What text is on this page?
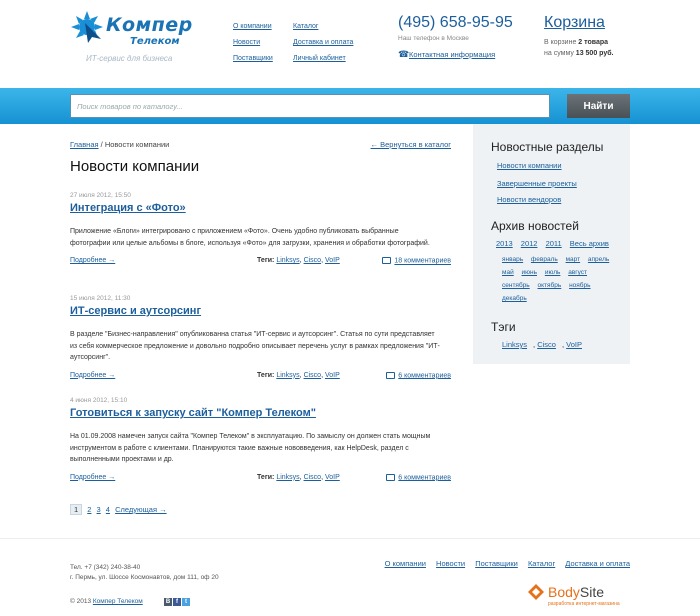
Компер
Телеком
ИТ-сервис для бизнеса
О компании
Новости
Поставщики
Каталог
Доставка и оплата
Личный кабинет
(495) 658-95-95
Наш телефон в Москве
☎Контактная информация
Корзина
В корзине 2 товара
на сумму 13 500 руб.
Поиск товаров по каталогу...
Найти
Главная / Новости компании	← Вернуться в каталог
Новости компании
27 июля 2012, 15:50
Интеграция с «Фото»
Приложение «Блоги» интегрировано с приложением «Фото». Очень удобно публиковать выбранные фотографии или целые альбомы в блоге, используя «Фото» для загрузки, хранения и обработки фотографий.
Подробнее →	Теги: Linksys, Cisco, VoIP	18 комментариев
15 июля 2012, 11:30
ИТ-сервис и аутсорсинг
В разделе "Бизнес-направления" опубликованна статья "ИТ-сервис и аутсорсинг". Статья по сути представляет из себя коммерческое предложение и довольно подробно описывает перечень услуг в рамках предложения "ИТ-аутсорсинг".
Подробнее →	Теги: Linksys, Cisco, VoIP	6 комментариев
4 июня 2012, 15:10
Готовиться к запуску сайт "Компер Телеком"
На 01.09.2008 намечен запуск сайта "Компер Телеком" в эксплуатацию. По замыслу он должен стать мощным инструментом в работе с клиентами. Планируются такие важные нововведения, как HelpDesk, раздел с выполненными проектами и др.
Подробнее →	Теги: Linksys, Cisco, VoIP	6 комментариев
1 2 3 4 Следующая →
Новостные разделы
Новости компании
Завершенные проекты
Новости вендоров
Архив новостей
2013 2012 2011 Весь архив
январь февраль март апрель
май июнь июль август
сентябрь октябрь ноябрь
декабрь
Тэги
Linksys , Cisco , VoIP
Тел. +7 (342) 240-38-40
г. Пермь, ул. Шоссе Космонавтов, дом 111, оф 20
© 2013 Компер Телеком	В f t
О компании Новости Поставщики Каталог Доставка и оплата
BodySite
разработка интернет-магазина
